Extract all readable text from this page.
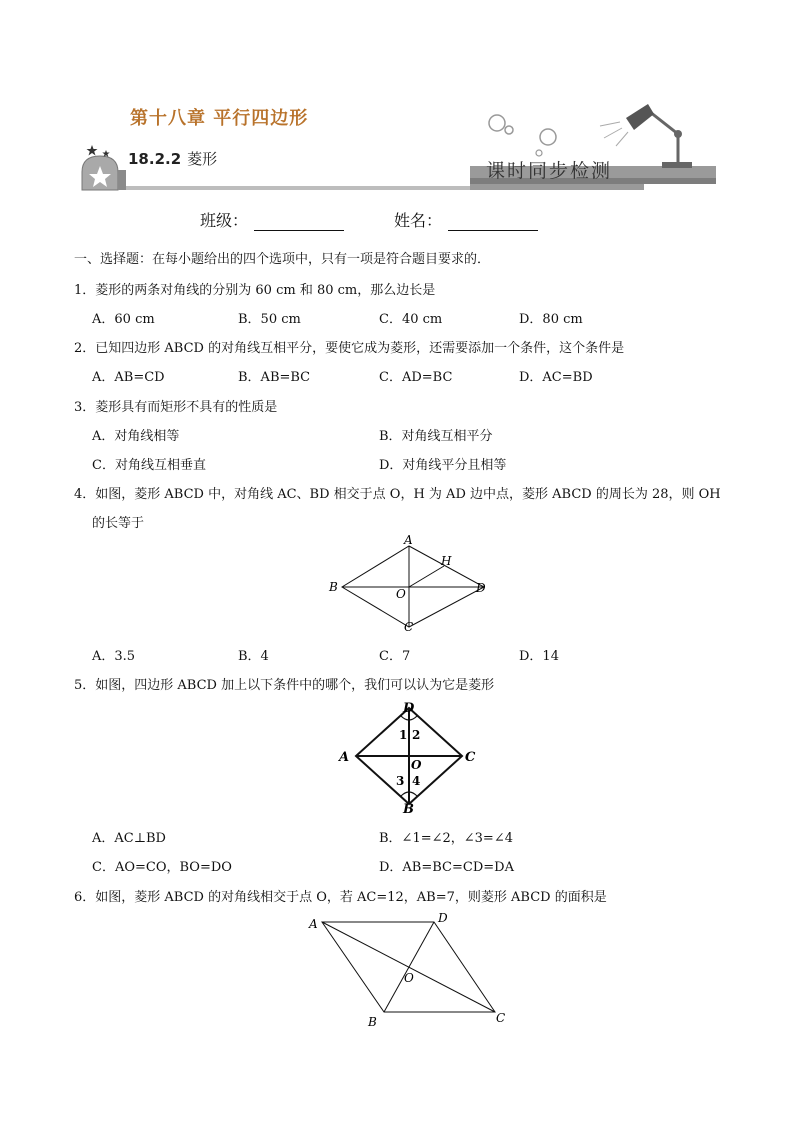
第十八章 平行四边形
18.2.2 菱形
课时同步检测
班级：	姓名：
一、选择题：在每小题给出的四个选项中，只有一项是符合题目要求的．
1．菱形的两条对角线的分别为 60 cm 和 80 cm，那么边长是
A．60 cm	B．50 cm	C．40 cm	D．80 cm
2．已知四边形 ABCD 的对角线互相平分，要使它成为菱形，还需要添加一个条件，这个条件是
A．AB=CD	B．AB=BC	C．AD=BC	D．AC=BD
3．菱形具有而矩形不具有的性质是
A．对角线相等	B．对角线互相平分
C．对角线互相垂直	D．对角线平分且相等
4．如图，菱形 ABCD 中，对角线 AC、BD 相交于点 O，H 为 AD 边中点，菱形 ABCD 的周长为 28，则 OH
的长等于
A
H
B	D
O
C
A．3.5	B．4	C．7	D．14
5．如图，四边形 ABCD 加上以下条件中的哪个，我们可以认为它是菱形
D
1 2
A	C
O
3 4
B
A．AC⊥BD	B．∠1=∠2，∠3=∠4
C．AO=CO，BO=DO	D．AB=BC=CD=DA
6．如图，菱形 ABCD 的对角线相交于点 O，若 AC=12，AB=7，则菱形 ABCD 的面积是
A	D
O
B	C
